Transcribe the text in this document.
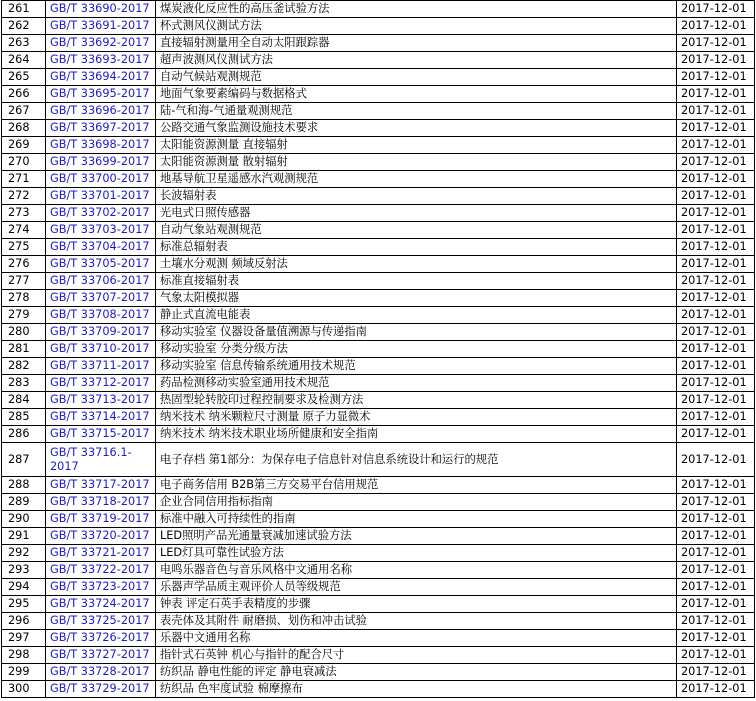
261	GB/T 33690-2017	煤炭液化反应性的高压釜试验方法	2017-12-01
262	GB/T 33691-2017	杯式测风仪测试方法	2017-12-01
263	GB/T 33692-2017	直接辐射测量用全自动太阳跟踪器	2017-12-01
264	GB/T 33693-2017	超声波测风仪测试方法	2017-12-01
265	GB/T 33694-2017	自动气候站观测规范	2017-12-01
266	GB/T 33695-2017	地面气象要素编码与数据格式	2017-12-01
267	GB/T 33696-2017	陆-气和海-气通量观测规范	2017-12-01
268	GB/T 33697-2017	公路交通气象监测设施技术要求	2017-12-01
269	GB/T 33698-2017	太阳能资源测量 直接辐射	2017-12-01
270	GB/T 33699-2017	太阳能资源测量 散射辐射	2017-12-01
271	GB/T 33700-2017	地基导航卫星遥感水汽观测规范	2017-12-01
272	GB/T 33701-2017	长波辐射表	2017-12-01
273	GB/T 33702-2017	光电式日照传感器	2017-12-01
274	GB/T 33703-2017	自动气象站观测规范	2017-12-01
275	GB/T 33704-2017	标准总辐射表	2017-12-01
276	GB/T 33705-2017	土壤水分观测 频域反射法	2017-12-01
277	GB/T 33706-2017	标准直接辐射表	2017-12-01
278	GB/T 33707-2017	气象太阳模拟器	2017-12-01
279	GB/T 33708-2017	静止式直流电能表	2017-12-01
280	GB/T 33709-2017	移动实验室 仪器设备量值溯源与传递指南	2017-12-01
281	GB/T 33710-2017	移动实验室 分类分级方法	2017-12-01
282	GB/T 33711-2017	移动实验室 信息传输系统通用技术规范	2017-12-01
283	GB/T 33712-2017	药品检测移动实验室通用技术规范	2017-12-01
284	GB/T 33713-2017	热固型轮转胶印过程控制要求及检测方法	2017-12-01
285	GB/T 33714-2017	纳米技术 纳米颗粒尺寸测量 原子力显微术	2017-12-01
286	GB/T 33715-2017	纳米技术 纳米技术职业场所健康和安全指南	2017-12-01
287	GB/T 33716.1-2017	电子存档 第1部分：为保存电子信息针对信息系统设计和运行的规范	2017-12-01
288	GB/T 33717-2017	电子商务信用 B2B第三方交易平台信用规范	2017-12-01
289	GB/T 33718-2017	企业合同信用指标指南	2017-12-01
290	GB/T 33719-2017	标准中融入可持续性的指南	2017-12-01
291	GB/T 33720-2017	LED照明产品光通量衰减加速试验方法	2017-12-01
292	GB/T 33721-2017	LED灯具可靠性试验方法	2017-12-01
293	GB/T 33722-2017	电鸣乐器音色与音乐风格中文通用名称	2017-12-01
294	GB/T 33723-2017	乐器声学品质主观评价人员等级规范	2017-12-01
295	GB/T 33724-2017	钟表 评定石英手表精度的步骤	2017-12-01
296	GB/T 33725-2017	表壳体及其附件 耐磨损、划伤和冲击试验	2017-12-01
297	GB/T 33726-2017	乐器中文通用名称	2017-12-01
298	GB/T 33727-2017	指针式石英钟 机心与指针的配合尺寸	2017-12-01
299	GB/T 33728-2017	纺织品 静电性能的评定 静电衰减法	2017-12-01
300	GB/T 33729-2017	纺织品 色牢度试验 棉摩擦布	2017-12-01
